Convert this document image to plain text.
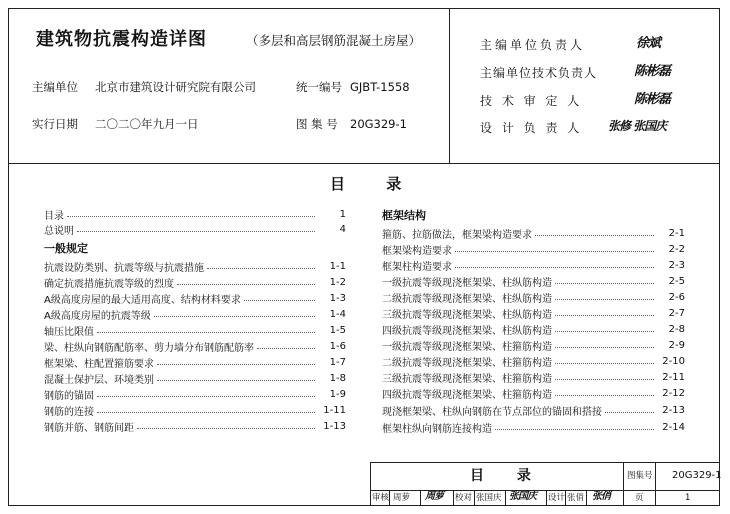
建筑物抗震构造详图	（多层和高层钢筋混凝土房屋）
主编单位 北京市建筑设计研究院有限公司	统一编号 GJBT-1558
实行日期 二〇二〇年九月一日	图 集 号 20G329-1
主编单位负责人	徐斌
主编单位技术负责人	陈彬磊
技 术 审 定 人	陈彬磊
设 计 负 责 人 张修 张国庆
目 录
目录	1
总说明	4
一般规定
抗震设防类别、抗震等级与抗震措施	1-1
确定抗震措施抗震等级的烈度	1-2
A级高度房屋的最大适用高度、结构材料要求	1-3
A级高度房屋的抗震等级	1-4
轴压比限值	1-5
梁、柱纵向钢筋配筋率、剪力墙分布钢筋配筋率	1-6
框架梁、柱配置箍筋要求	1-7
混凝土保护层、环境类别	1-8
钢筋的锚固	1-9
钢筋的连接	1-11
钢筋并筋、钢筋间距	1-13
框架结构
箍筋、拉筋做法，框架梁构造要求	2-1
框架梁构造要求	2-2
框架柱构造要求	2-3
一级抗震等级现浇框架梁、柱纵筋构造	2-5
二级抗震等级现浇框架梁、柱纵筋构造	2-6
三级抗震等级现浇框架梁、柱纵筋构造	2-7
四级抗震等级现浇框架梁、柱纵筋构造	2-8
一级抗震等级现浇框架梁、柱箍筋构造	2-9
二级抗震等级现浇框架梁、柱箍筋构造	2-10
三级抗震等级现浇框架梁、柱箍筋构造	2-11
四级抗震等级现浇框架梁、柱箍筋构造	2-12
现浇框架梁、柱纵向钢筋在节点部位的锚固和搭接	2-13
框架柱纵向钢筋连接构造	2-14
目 录	图集号 20G329-1
审核 周萝 周萝 校对 张国庆 张国庆 设计 张俏 张俏	页	1
